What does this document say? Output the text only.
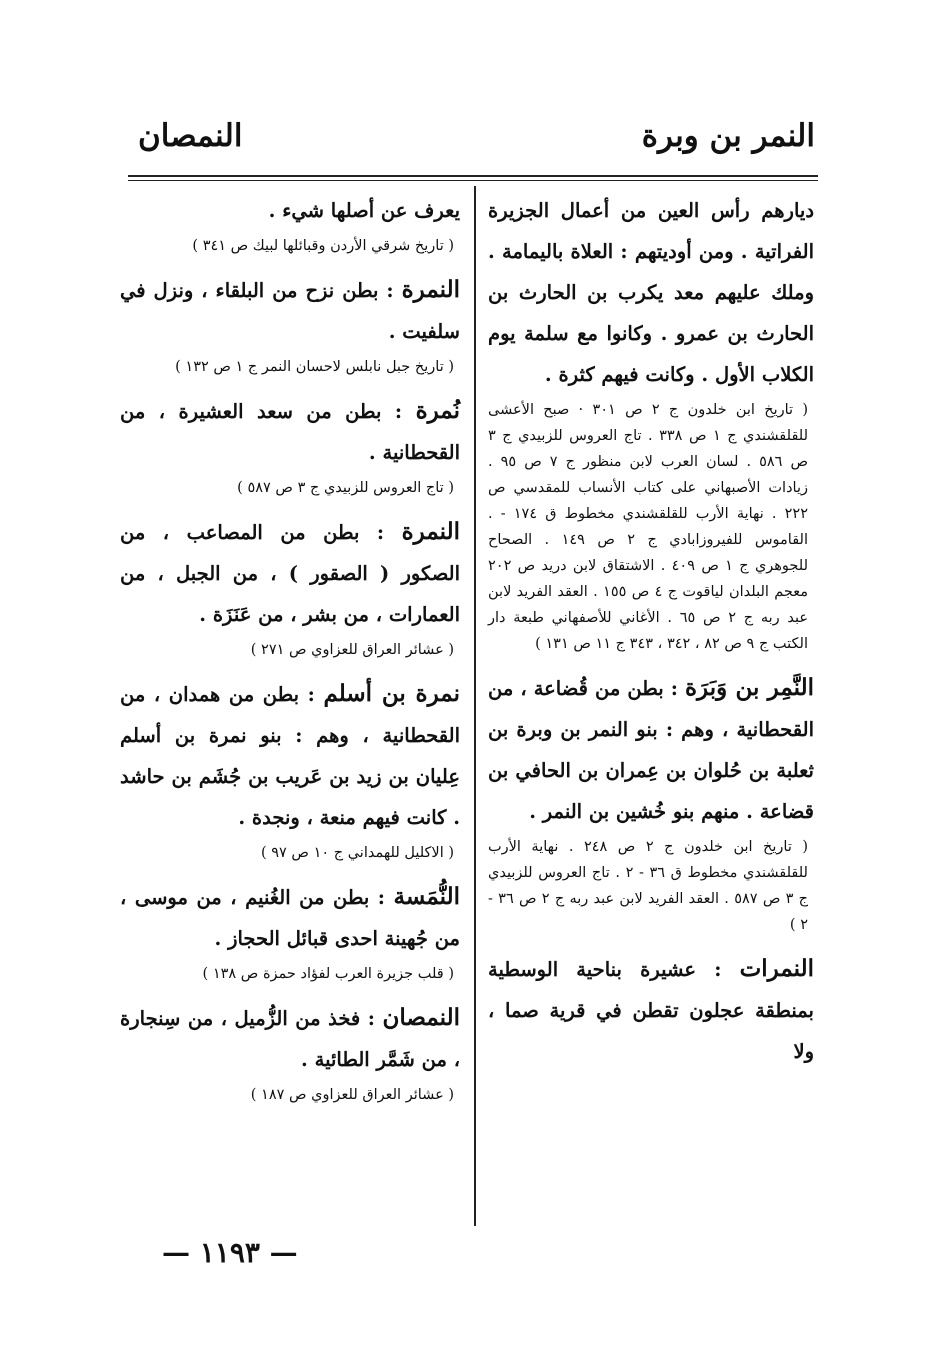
النمر بن وبرة
النمصان

ديارهم رأس العين من أعمال الجزيرة الفراتية . ومن أوديتهم : العلاة باليمامة . وملك عليهم معد يكرب بن الحارث بن الحارث بن عمرو . وكانوا مع سلمة يوم الكلاب الأول . وكانت فيهم كثرة .

( تاريخ ابن خلدون ج ٢ ص ٣٠١ · صبح الأعشى للقلقشندي ج ١ ص ٣٣٨ . تاج العروس للزبيدي ج ٣ ص ٥٨٦ . لسان العرب لابن منظور ج ٧ ص ٩٥ . زيادات الأصبهاني على كتاب الأنساب للمقدسي ص ٢٢٢ . نهاية الأرب للقلقشندي مخطوط ق ١٧٤ - . القاموس للفيروزابادي ج ٢ ص ١٤٩ . الصحاح للجوهري ج ١ ص ٤٠٩ . الاشتقاق لابن دريد ص ٢٠٢ معجم البلدان لياقوت ج ٤ ص ١٥٥ . العقد الفريد لابن عبد ربه ج ٢ ص ٦٥ . الأغاني للأصفهاني طبعة دار الكتب ج ٩ ص ٨٢ ، ٣٤٢ ، ٣٤٣ ج ١١ ص ١٣١ )

النَّمِر بن وَبَرَة : بطن من قُضاعة ، من القحطانية ، وهم : بنو النمر بن وبرة بن ثعلبة بن حُلوان بن عِمران بن الحافي بن قضاعة . منهم بنو خُشين بن النمر .

( تاريخ ابن خلدون ج ٢ ص ٢٤٨ . نهاية الأرب للقلقشندي مخطوط ق ٣٦ - ٢ . تاج العروس للزبيدي ج ٣ ص ٥٨٧ . العقد الفريد لابن عبد ربه ج ٢ ص ٣٦ - ٢ )

النمرات : عشيرة بناحية الوسطية بمنطقة عجلون تقطن في قرية صما ، ولا

يعرف عن أصلها شيء .

( تاريخ شرقي الأردن وقبائلها لبيك ص ٣٤١ )

النمرة : بطن نزح من البلقاء ، ونزل في سلفيت .

( تاريخ جبل نابلس لاحسان النمر ج ١ ص ١٣٢ )

نُمرة : بطن من سعد العشيرة ، من القحطانية .

( تاج العروس للزبيدي ج ٣ ص ٥٨٧ )

النمرة : بطن من المصاعب ، من الصكور ( الصقور ) ، من الجبل ، من العمارات ، من بشر ، من عَنَزَة .

( عشائر العراق للعزاوي ص ٢٧١ )

نمرة بن أسلم : بطن من همدان ، من القحطانية ، وهم : بنو نمرة بن أسلم عِليان بن زيد بن عَريب بن جُشَم بن حاشد . كانت فيهم منعة ، ونجدة .

( الاكليل للهمداني ج ١٠ ص ٩٧ )

النُّمَسة : بطن من الغُنيم ، من موسى ، من جُهينة احدى قبائل الحجاز .

( قلب جزيرة العرب لفؤاد حمزة ص ١٣٨ )

النمصان : فخذ من الزُّميل ، من سِنجارة ، من شَمَّر الطائية .

( عشائر العراق للعزاوي ص ١٨٧ )

— ١١٩٣ —
